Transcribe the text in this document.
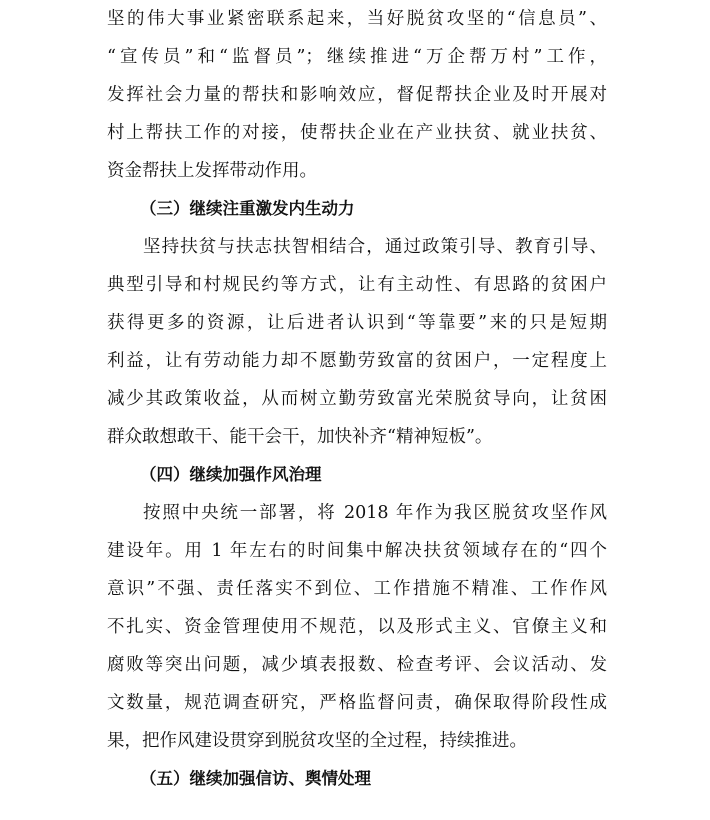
坚的伟大事业紧密联系起来，当好脱贫攻坚的“信息员”、
“宣传员”和“监督员”；继续推进“万企帮万村”工作，
发挥社会力量的帮扶和影响效应，督促帮扶企业及时开展对
村上帮扶工作的对接，使帮扶企业在产业扶贫、就业扶贫、
资金帮扶上发挥带动作用。
（三）继续注重激发内生动力
坚持扶贫与扶志扶智相结合，通过政策引导、教育引导、
典型引导和村规民约等方式，让有主动性、有思路的贫困户
获得更多的资源，让后进者认识到“等靠要”来的只是短期
利益，让有劳动能力却不愿勤劳致富的贫困户，一定程度上
减少其政策收益，从而树立勤劳致富光荣脱贫导向，让贫困
群众敢想敢干、能干会干，加快补齐“精神短板”。
（四）继续加强作风治理
按照中央统一部署，将 2018 年作为我区脱贫攻坚作风
建设年。用 1 年左右的时间集中解决扶贫领域存在的“四个
意识”不强、责任落实不到位、工作措施不精准、工作作风
不扎实、资金管理使用不规范，以及形式主义、官僚主义和
腐败等突出问题，减少填表报数、检查考评、会议活动、发
文数量，规范调查研究，严格监督问责，确保取得阶段性成
果，把作风建设贯穿到脱贫攻坚的全过程，持续推进。
（五）继续加强信访、舆情处理
